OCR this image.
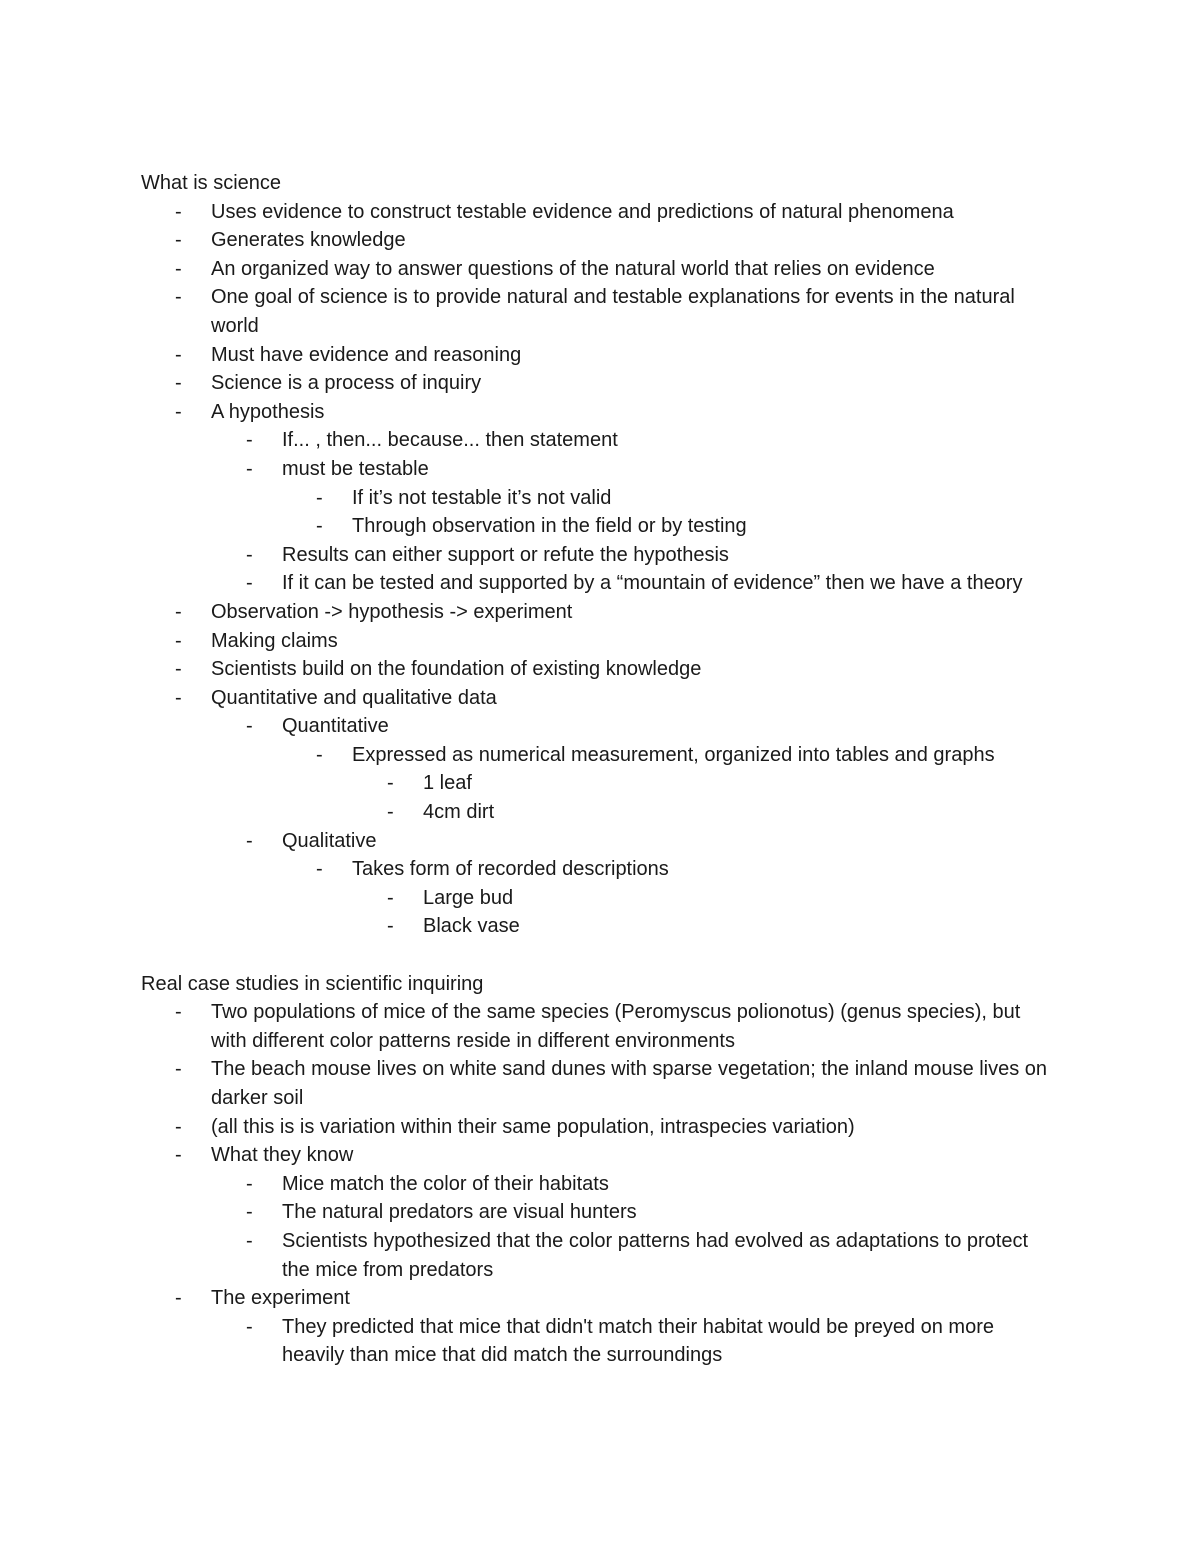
What is science
- Uses evidence to construct testable evidence and predictions of natural phenomena
- Generates knowledge
- An organized way to answer questions of the natural world that relies on evidence
- One goal of science is to provide natural and testable explanations for events in the natural world
- Must have evidence and reasoning
- Science is a process of inquiry
- A hypothesis
- If... , then... because... then statement
- must be testable
- If it’s not testable it’s not valid
- Through observation in the field or by testing
- Results can either support or refute the hypothesis
- If it can be tested and supported by a “mountain of evidence” then we have a theory
- Observation -> hypothesis -> experiment
- Making claims
- Scientists build on the foundation of existing knowledge
- Quantitative and qualitative data
- Quantitative
- Expressed as numerical measurement, organized into tables and graphs
- 1 leaf
- 4cm dirt
- Qualitative
- Takes form of recorded descriptions
- Large bud
- Black vase
Real case studies in scientific inquiring
- Two populations of mice of the same species (Peromyscus polionotus) (genus species), but with different color patterns reside in different environments
- The beach mouse lives on white sand dunes with sparse vegetation; the inland mouse lives on darker soil
- (all this is is variation within their same population, intraspecies variation)
- What they know
- Mice match the color of their habitats
- The natural predators are visual hunters
- Scientists hypothesized that the color patterns had evolved as adaptations to protect the mice from predators
- The experiment
- They predicted that mice that didn't match their habitat would be preyed on more heavily than mice that did match the surroundings
